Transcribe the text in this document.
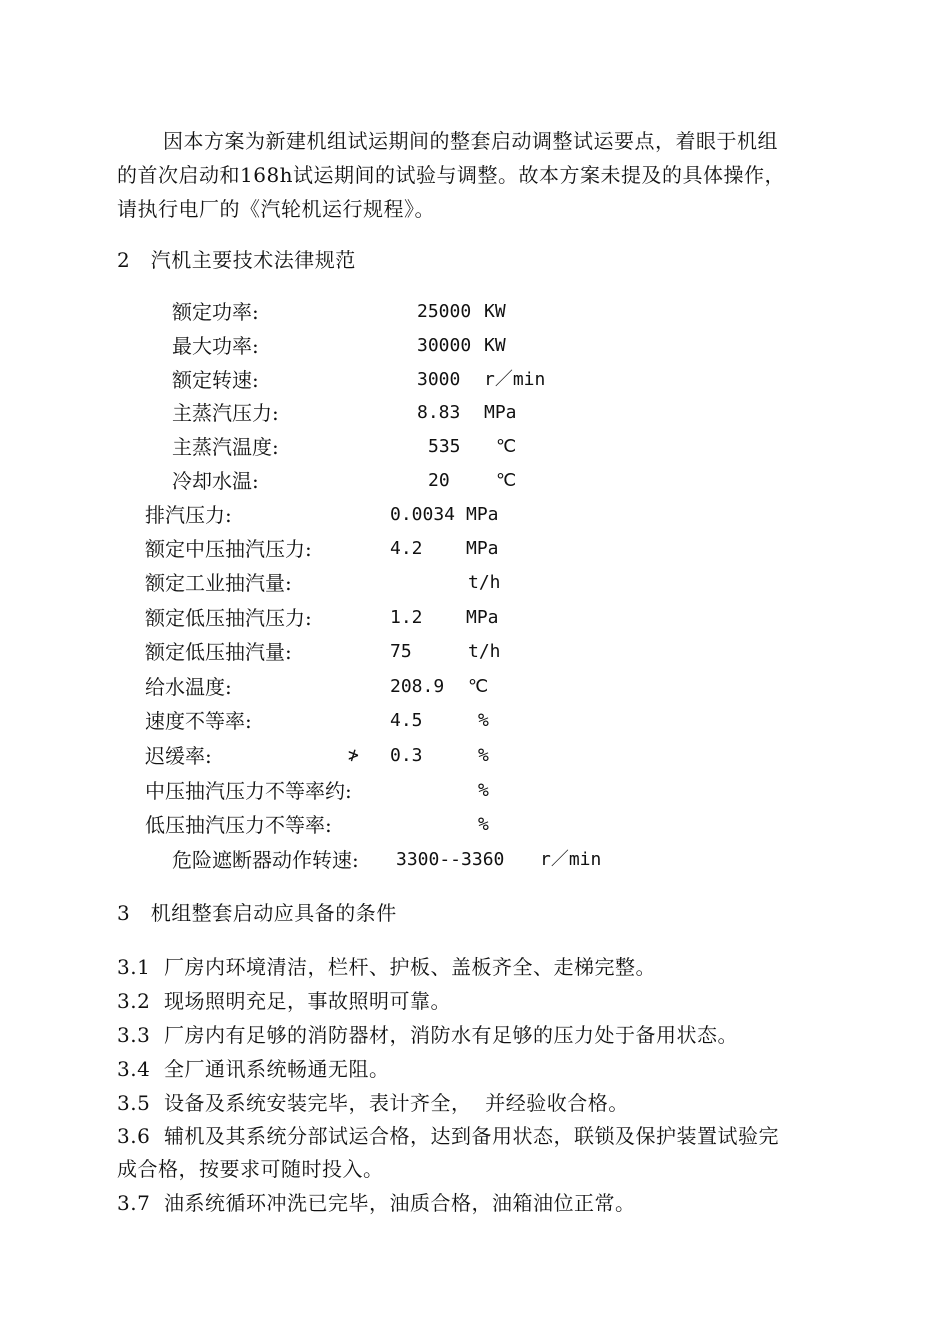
因本方案为新建机组试运期间的整套启动调整试运要点，着眼于机组
的首次启动和168h试运期间的试验与调整。故本方案未提及的具体操作，
请执行电厂的《汽轮机运行规程》。
2   汽机主要技术法律规范
额定功率:	25000 KW
最大功率:	30000 KW
额定转速:	3000 r／min
主蒸汽压力:	8.83 MPa
主蒸汽温度:	535 ℃
冷却水温:	20	℃
排汽压力:	0.0034 MPa
额定中压抽汽压力:	4.2 MPa
额定工业抽汽量:	t/h
额定低压抽汽压力:	1.2 MPa
额定低压抽汽量:	75	t/h
给水温度:	208.9 ℃
速度不等率:	4.5	%
迟缓率:	≯ 0.3	%
中压抽汽压力不等率约:	%
低压抽汽压力不等率:	%
危险遮断器动作转速: 3300--3360 r／min
3   机组整套启动应具备的条件
3.1  厂房内环境清洁，栏杆、护板、盖板齐全、走梯完整。
3.2  现场照明充足，事故照明可靠。
3.3  厂房内有足够的消防器材，消防水有足够的压力处于备用状态。
3.4  全厂通讯系统畅通无阻。
3.5  设备及系统安装完毕，表计齐全，  并经验收合格。
3.6  辅机及其系统分部试运合格，达到备用状态，联锁及保护装置试验完
成合格，按要求可随时投入。
3.7  油系统循环冲洗已完毕，油质合格，油箱油位正常。
